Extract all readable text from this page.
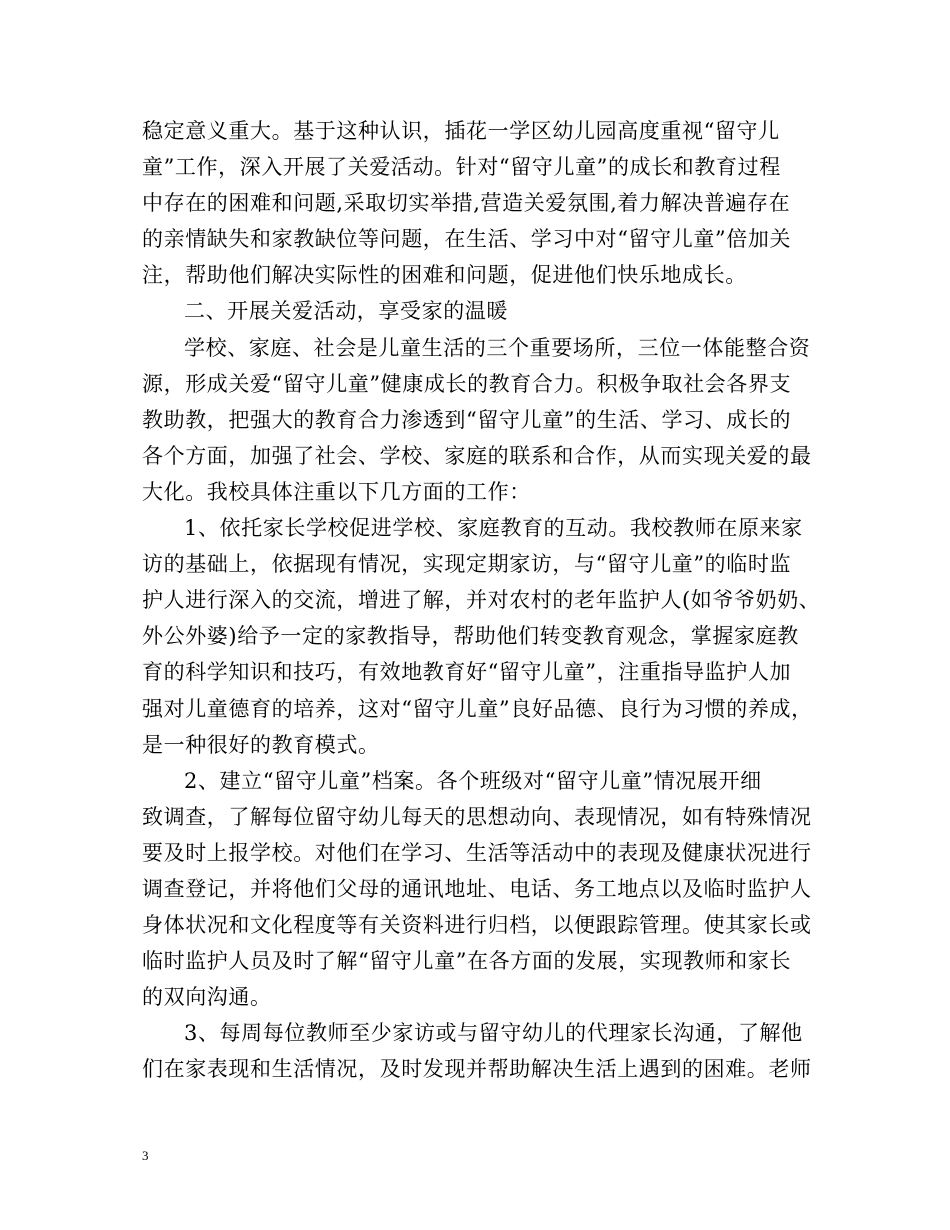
稳定意义重大。基于这种认识，插花一学区幼儿园高度重视“留守儿
童”工作，深入开展了关爱活动。针对“留守儿童”的成长和教育过程
中存在的困难和问题,采取切实举措,营造关爱氛围,着力解决普遍存在
的亲情缺失和家教缺位等问题，在生活、学习中对“留守儿童”倍加关
注，帮助他们解决实际性的困难和问题，促进他们快乐地成长。
二、开展关爱活动，享受家的温暖
学校、家庭、社会是儿童生活的三个重要场所，三位一体能整合资
源，形成关爱“留守儿童”健康成长的教育合力。积极争取社会各界支
教助教，把强大的教育合力渗透到“留守儿童”的生活、学习、成长的
各个方面，加强了社会、学校、家庭的联系和合作，从而实现关爱的最
大化。我校具体注重以下几方面的工作：
1、依托家长学校促进学校、家庭教育的互动。我校教师在原来家
访的基础上，依据现有情况，实现定期家访，与“留守儿童”的临时监
护人进行深入的交流，增进了解，并对农村的老年监护人(如爷爷奶奶、
外公外婆)给予一定的家教指导，帮助他们转变教育观念，掌握家庭教
育的科学知识和技巧，有效地教育好“留守儿童”，注重指导监护人加
强对儿童德育的培养，这对“留守儿童”良好品德、良行为习惯的养成，
是一种很好的教育模式。
2、建立“留守儿童”档案。各个班级对“留守儿童”情况展开细
致调查，了解每位留守幼儿每天的思想动向、表现情况，如有特殊情况
要及时上报学校。对他们在学习、生活等活动中的表现及健康状况进行
调查登记，并将他们父母的通讯地址、电话、务工地点以及临时监护人
身体状况和文化程度等有关资料进行归档，以便跟踪管理。使其家长或
临时监护人员及时了解“留守儿童”在各方面的发展，实现教师和家长
的双向沟通。
3、每周每位教师至少家访或与留守幼儿的代理家长沟通，了解他
们在家表现和生活情况，及时发现并帮助解决生活上遇到的困难。老师
3
